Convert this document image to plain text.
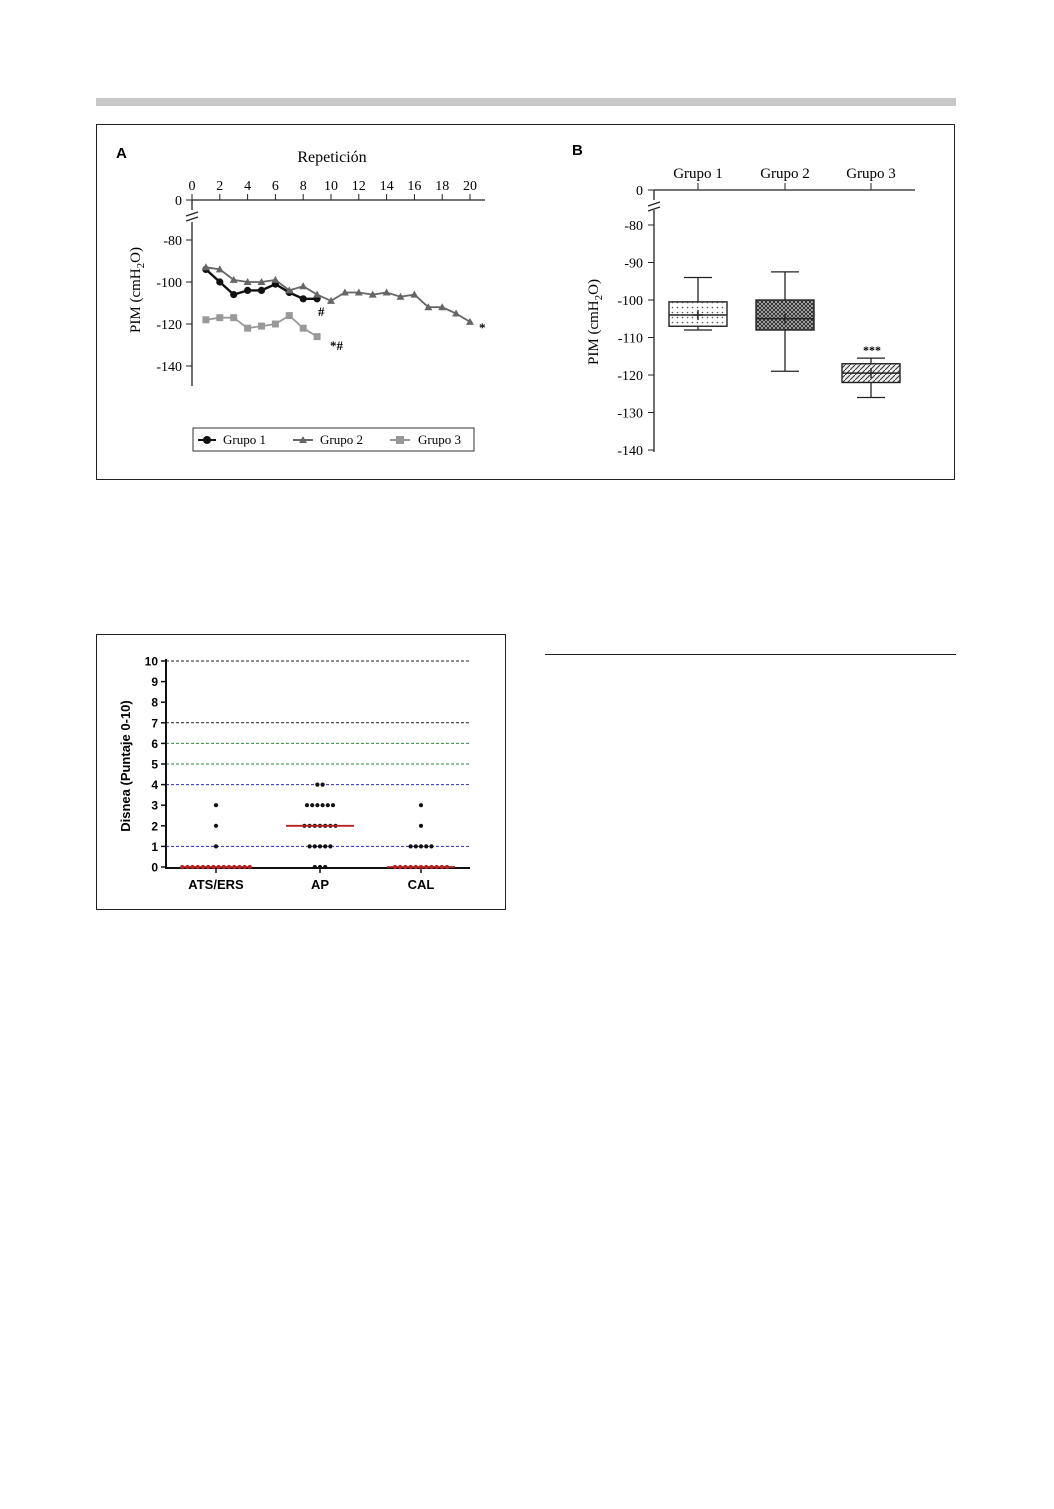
A	Repetición
PIM (cmH$_2$O)
0 2 4 6 8 10 12 14 16 18 20
0
-80
-100
-120
-140
#
*#
*
Grupo 1	Grupo 2	Grupo 3
B
PIM (cmH$_2$O)
Grupo 1 Grupo 2 Grupo 3
0
-80
-90
-100
-110
-120
-130
-140
***
Disnea (Puntaje 0-10)
0
1
2
3
4
5
6
7
8
9
10
ATS/ERS	AP	CAL
